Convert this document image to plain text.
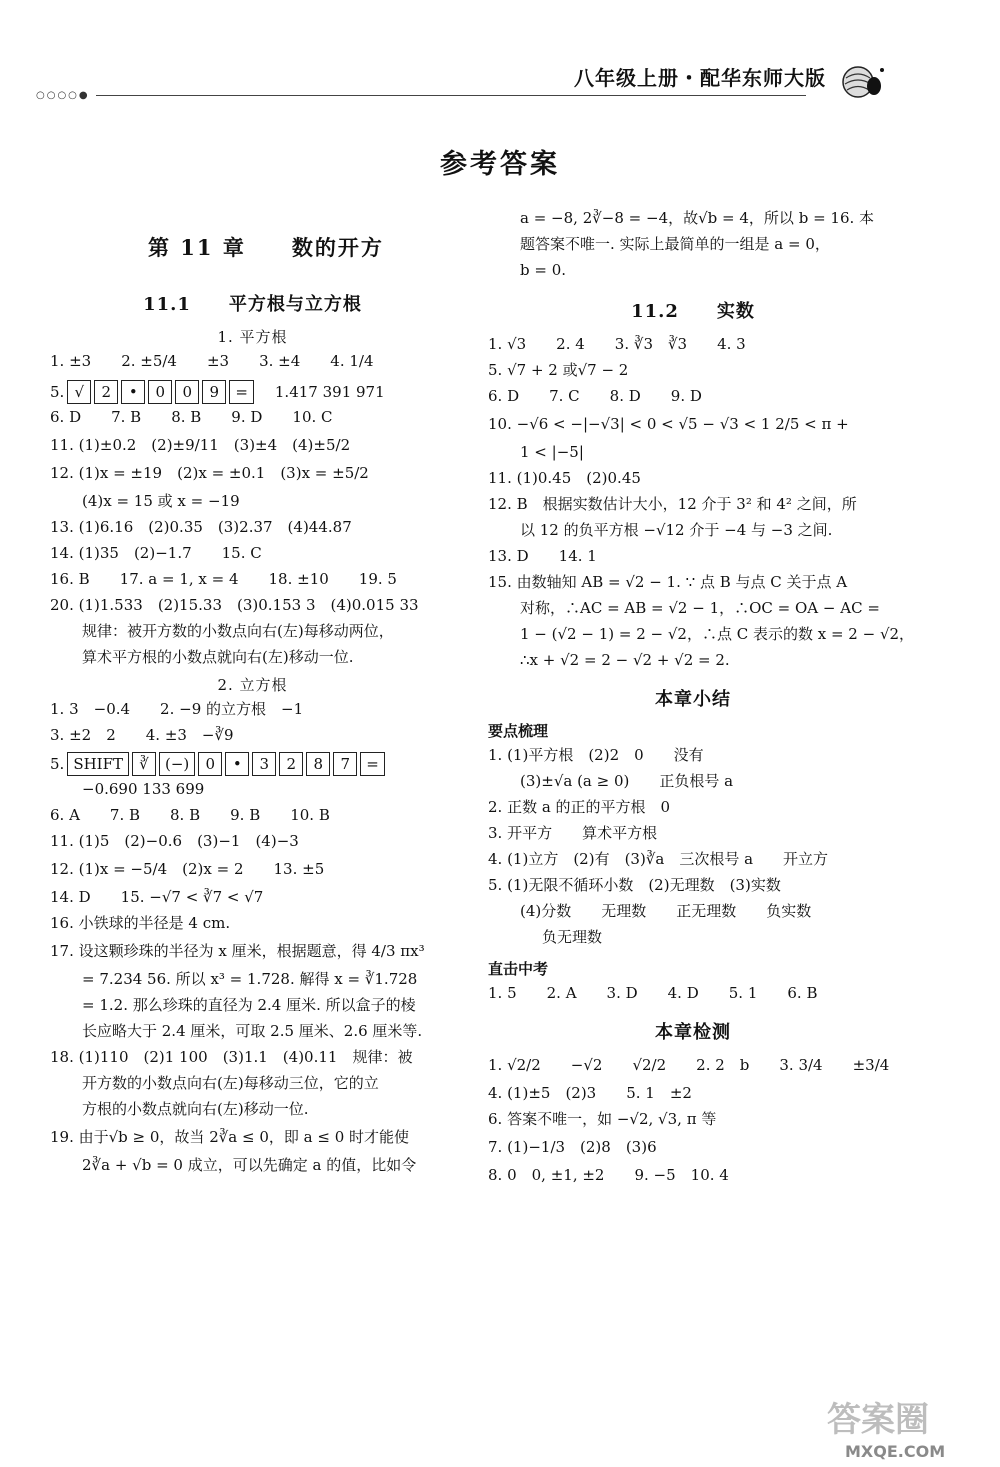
○○○○●
八年级上册・配华东师大版
参考答案
第 11 章　　数的开方
11.1　　平方根与立方根
1. 平方根
1. ±3　　2. ±5/4　　±3　　3. ±4　　4. 1/4
5. √	2	•	0	0	9	=	1.417 391 971
6. D　　7. B　　8. B　　9. D　　10. C
11. (1)±0.2　(2)±9/11　(3)±4　(4)±5/2
12. (1)x = ±19　(2)x = ±0.1　(3)x = ±5/2
(4)x = 15 或 x = −19
13. (1)6.16　(2)0.35　(3)2.37　(4)44.87
14. (1)35　(2)−1.7　　15. C
16. B　　17. a = 1, x = 4　　18. ±10　　19. 5
20. (1)1.533　(2)15.33　(3)0.153 3　(4)0.015 33
规律：被开方数的小数点向右(左)每移动两位，
算术平方根的小数点就向右(左)移动一位.
2. 立方根
1. 3　−0.4　　2. −9 的立方根　−1
3. ±2　2　　4. ±3　−∛9
5. SHIFT	∛	(−)	0	•	3	2	8	7	=
−0.690 133 699
6. A　　7. B　　8. B　　9. B　　10. B
11. (1)5　(2)−0.6　(3)−1　(4)−3
12. (1)x = −5/4　(2)x = 2　　13. ±5
14. D　　15. −√7 < ∛7 < √7
16. 小铁球的半径是 4 cm.
17. 设这颗珍珠的半径为 x 厘米，根据题意，得 4/3 πx³
= 7.234 56. 所以 x³ = 1.728. 解得 x = ∛1.728
= 1.2. 那么珍珠的直径为 2.4 厘米. 所以盒子的棱
长应略大于 2.4 厘米，可取 2.5 厘米、2.6 厘米等.
18. (1)110　(2)1 100　(3)1.1　(4)0.11　规律：被
开方数的小数点向右(左)每移动三位，它的立
方根的小数点就向右(左)移动一位.
19. 由于√b ≥ 0，故当 2∛a ≤ 0，即 a ≤ 0 时才能使
2∛a + √b = 0 成立，可以先确定 a 的值，比如令
a = −8, 2∛−8 = −4，故√b = 4，所以 b = 16. 本
题答案不唯一. 实际上最简单的一组是 a = 0，
b = 0.
11.2　　实数
1. √3　　2. 4　　3. ∛3　∛3　　4. 3
5. √7 + 2 或√7 − 2
6. D　　7. C　　8. D　　9. D
10. −√6 < −|−√3| < 0 < √5 − √3 < 1 2/5 < π +
1 < |−5|
11. (1)0.45　(2)0.45
12. B　根据实数估计大小，12 介于 3² 和 4² 之间，所
以 12 的负平方根 −√12 介于 −4 与 −3 之间.
13. D　　14. 1
15. 由数轴知 AB = √2 − 1. ∵ 点 B 与点 C 关于点 A
对称，∴AC = AB = √2 − 1，∴OC = OA − AC =
1 − (√2 − 1) = 2 − √2，∴点 C 表示的数 x = 2 − √2，
∴x + √2 = 2 − √2 + √2 = 2.
本章小结
要点梳理
1. (1)平方根　(2)2　0　　没有
(3)±√a (a ≥ 0)　　正负根号 a
2. 正数 a 的正的平方根　0
3. 开平方　　算术平方根
4. (1)立方　(2)有　(3)∛a　三次根号 a　　开立方
5. (1)无限不循环小数　(2)无理数　(3)实数
(4)分数　　无理数　　正无理数　　负实数
负无理数
直击中考
1. 5　　2. A　　3. D　　4. D　　5. 1　　6. B
本章检测
1. √2/2　　−√2　　√2/2　　2. 2　b　　3. 3/4　　±3/4
4. (1)±5　(2)3　　5. 1　±2
6. 答案不唯一，如 −√2, √3, π 等
7. (1)−1/3　(2)8　(3)6
8. 0　0, ±1, ±2　　9. −5　10. 4
答案圈
MXQE.COM
